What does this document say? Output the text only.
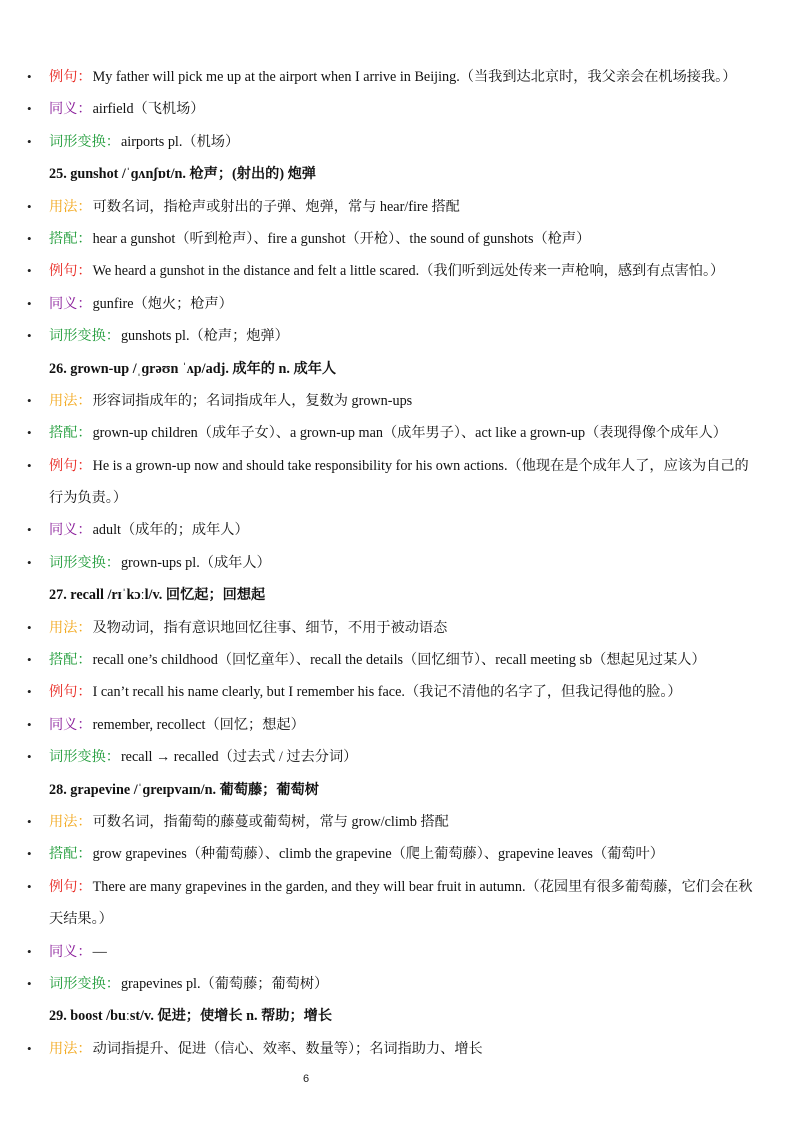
• 例句：My father will pick me up at the airport when I arrive in Beijing.（当我到达北京时，我父亲会在机场接我。）
• 同义：airfield（飞机场）
• 词形变换：airports pl.（机场）
25. gunshot /ˈɡʌnʃɒt/n. 枪声；(射出的) 炮弹
• 用法：可数名词，指枪声或射出的子弹、炮弹，常与 hear/fire 搭配
• 搭配：hear a gunshot（听到枪声）、fire a gunshot（开枪）、the sound of gunshots（枪声）
• 例句：We heard a gunshot in the distance and felt a little scared.（我们听到远处传来一声枪响，感到有点害怕。）
• 同义：gunfire（炮火；枪声）
• 词形变换：gunshots pl.（枪声；炮弹）
26. grown-up /ˌɡrəʊn ˈʌp/adj. 成年的 n. 成年人
• 用法：形容词指成年的；名词指成年人，复数为 grown-ups
• 搭配：grown-up children（成年子女）、a grown-up man（成年男子）、act like a grown-up（表现得像个成年人）
• 例句：He is a grown-up now and should take responsibility for his own actions.（他现在是个成年人了，应该为自己的
行为负责。）
• 同义：adult（成年的；成年人）
• 词形变换：grown-ups pl.（成年人）
27. recall /rɪˈkɔːl/v. 回忆起；回想起
• 用法：及物动词，指有意识地回忆往事、细节，不用于被动语态
• 搭配：recall one’s childhood（回忆童年）、recall the details（回忆细节）、recall meeting sb（想起见过某人）
• 例句：I can’t recall his name clearly, but I remember his face.（我记不清他的名字了，但我记得他的脸。）
• 同义：remember, recollect（回忆；想起）
• 词形变换：recall → recalled（过去式 / 过去分词）
28. grapevine /ˈɡreɪpvaɪn/n. 葡萄藤；葡萄树
• 用法：可数名词，指葡萄的藤蔓或葡萄树，常与 grow/climb 搭配
• 搭配：grow grapevines（种葡萄藤）、climb the grapevine（爬上葡萄藤）、grapevine leaves（葡萄叶）
• 例句：There are many grapevines in the garden, and they will bear fruit in autumn.（花园里有很多葡萄藤，它们会在秋
天结果。）
• 同义：—
• 词形变换：grapevines pl.（葡萄藤；葡萄树）
29. boost /buːst/v. 促进；使增长 n. 帮助；增长
• 用法：动词指提升、促进（信心、效率、数量等）；名词指助力、增长
6
